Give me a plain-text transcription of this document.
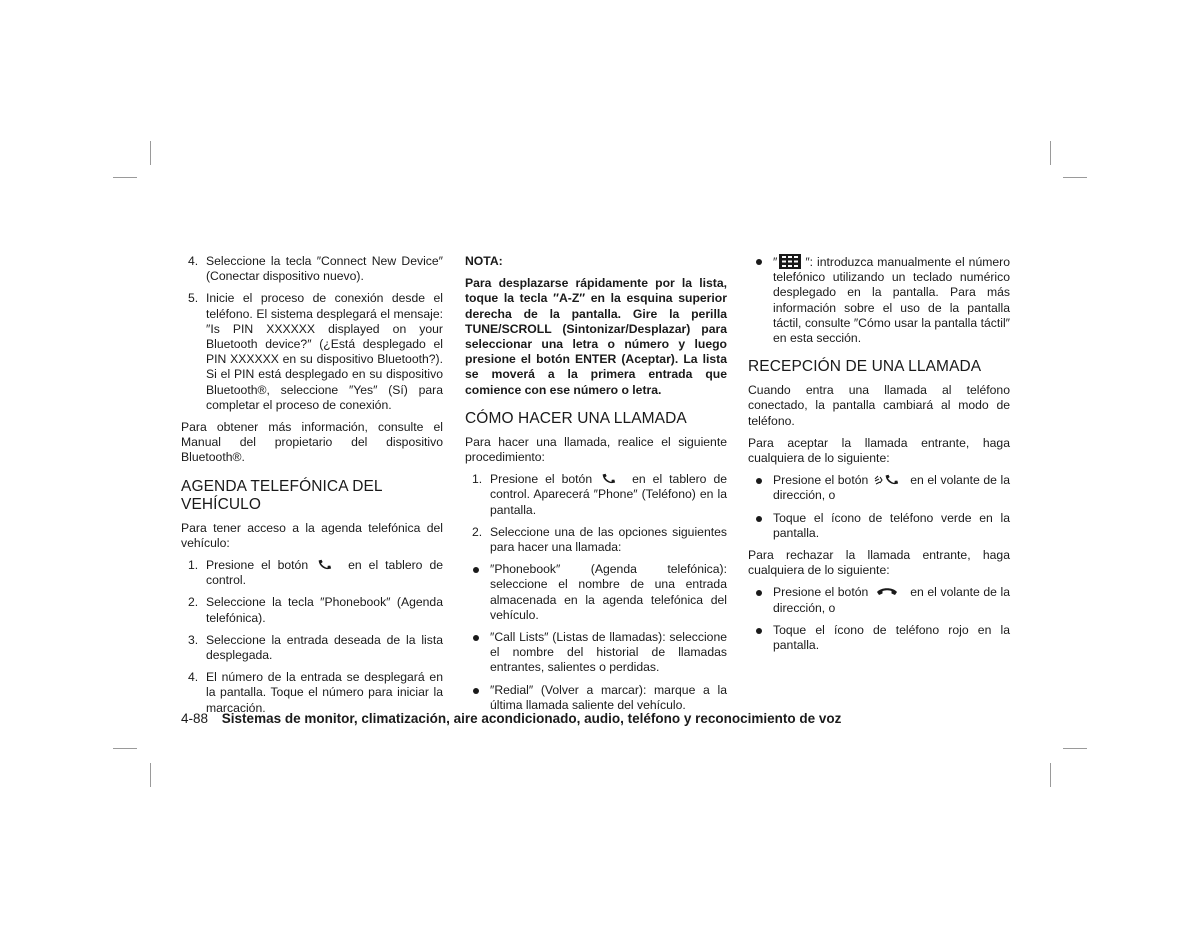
4. Seleccione la tecla ″Connect New Device″ (Conectar dispositivo nuevo).
5. Inicie el proceso de conexión desde el teléfono. El sistema desplegará el mensaje: ″Is PIN XXXXXX displayed on your Bluetooth device?″ (¿Está desplegado el PIN XXXXXX en su dispositivo Bluetooth?). Si el PIN está desplegado en su dispositivo Bluetooth®, seleccione ″Yes″ (Sí) para completar el proceso de conexión.

Para obtener más información, consulte el Manual del propietario del dispositivo Bluetooth®.

AGENDA TELEFÓNICA DEL VEHÍCULO

Para tener acceso a la agenda telefónica del vehículo:

1. Presione el botón	en el tablero de control.
2. Seleccione la tecla ″Phonebook″ (Agenda telefónica).
3. Seleccione la entrada deseada de la lista desplegada.
4. El número de la entrada se desplegará en la pantalla. Toque el número para iniciar la marcación.

NOTA:

Para desplazarse rápidamente por la lista, toque la tecla ″A-Z″ en la esquina superior derecha de la pantalla. Gire la perilla TUNE/SCROLL (Sintonizar/Desplazar) para seleccionar una letra o número y luego presione el botón ENTER (Aceptar). La lista se moverá a la primera entrada que comience con ese número o letra.

CÓMO HACER UNA LLAMADA

Para hacer una llamada, realice el siguiente procedimiento:

1. Presione el botón	en el tablero de control. Aparecerá ″Phone″ (Teléfono) en la pantalla.
2. Seleccione una de las opciones siguientes para hacer una llamada:
″Phonebook″ (Agenda telefónica): seleccione el nombre de una entrada almacenada en la agenda telefónica del vehículo.
″Call Lists″ (Listas de llamadas): seleccione el nombre del historial de llamadas entrantes, salientes o perdidas.
″Redial″ (Volver a marcar): marque a la última llamada saliente del vehículo.
″ ″: introduzca manualmente el número telefónico utilizando un teclado numérico desplegado en la pantalla. Para más información sobre el uso de la pantalla táctil, consulte ″Cómo usar la pantalla táctil″ en esta sección.
RECEPCIÓN DE UNA LLAMADA

Cuando entra una llamada al teléfono conectado, la pantalla cambiará al modo de teléfono.

Para aceptar la llamada entrante, haga cualquiera de lo siguiente:

Presione el botón	en el volante de la dirección, o
Toque el ícono de teléfono verde en la pantalla.

Para rechazar la llamada entrante, haga cualquiera de lo siguiente:

Presione el botón	en el volante de la dirección, o
Toque el ícono de teléfono rojo en la pantalla.
4-88 Sistemas de monitor, climatización, aire acondicionado, audio, teléfono y reconocimiento de voz
